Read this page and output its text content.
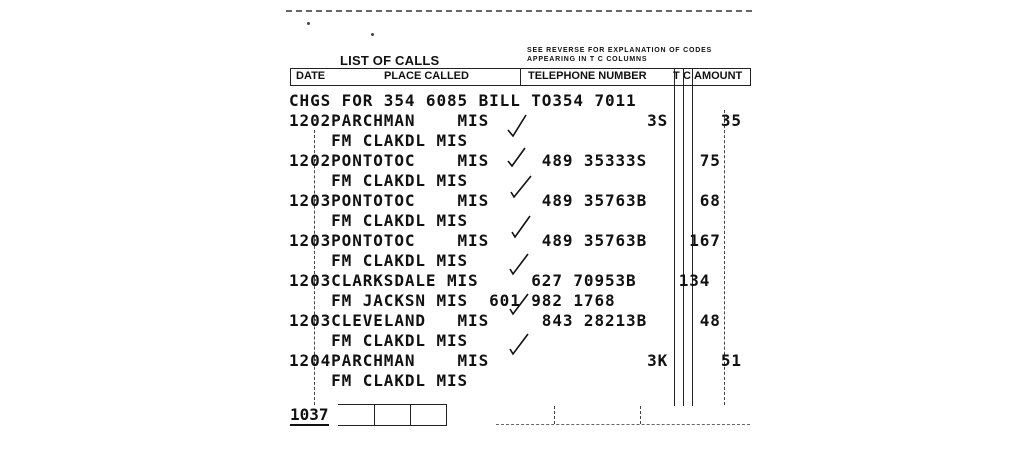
LIST OF CALLS
SEE REVERSE FOR EXPLANATION OF CODES
APPEARING IN T C COLUMNS
DATE	PLACE CALLED	TELEPHONE NUMBER T C AMOUNT
CHGS FOR 354 6085 BILL TO354 7011
1202PARCHMAN    MIS               3S     35
FM CLAKDL MIS
1202PONTOTOC    MIS     489 35333S     75
FM CLAKDL MIS
1203PONTOTOC    MIS     489 35763B     68
FM CLAKDL MIS
1203PONTOTOC    MIS     489 35763B    167
FM CLAKDL MIS
1203CLARKSDALE MIS     627 70953B    134
FM JACKSN MIS  601 982 1768
1203CLEVELAND   MIS     843 28213B     48
FM CLAKDL MIS
1204PARCHMAN    MIS               3K     51
FM CLAKDL MIS
1037
